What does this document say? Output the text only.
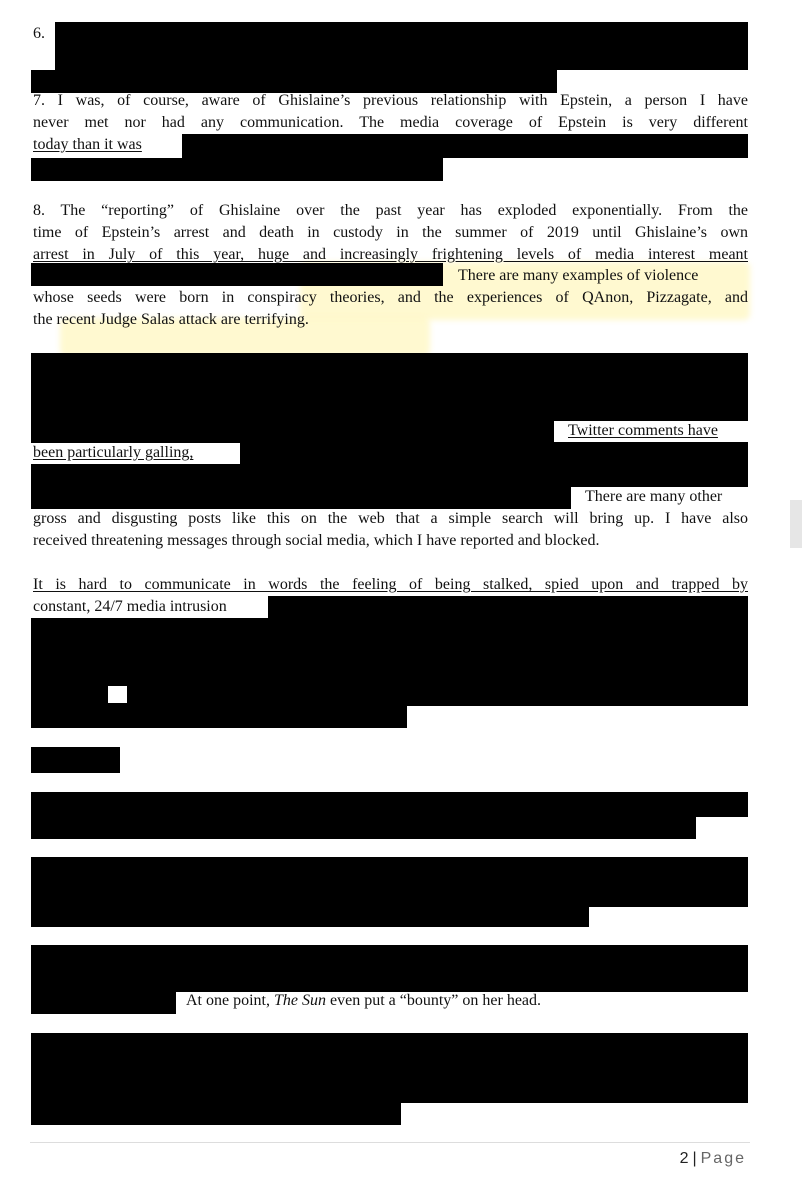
6.
7. I was, of course, aware of Ghislaine’s previous relationship with Epstein, a person I have
never met nor had any communication. The media coverage of Epstein is very different
today than it was
8. The “reporting” of Ghislaine over the past year has exploded exponentially. From the
time of Epstein’s arrest and death in custody in the summer of 2019 until Ghislaine’s own
arrest in July of this year, huge and increasingly frightening levels of media interest meant
There are many examples of violence
whose seeds were born in conspiracy theories, and the experiences of QAnon, Pizzagate, and
the recent Judge Salas attack are terrifying.
Twitter comments have
been particularly galling,
There are many other
gross and disgusting posts like this on the web that a simple search will bring up. I have also
received threatening messages through social media, which I have reported and blocked.
It is hard to communicate in words the feeling of being stalked, spied upon and trapped by
constant, 24/7 media intrusion
At one point, The Sun even put a “bounty” on her head.
2 | Page
